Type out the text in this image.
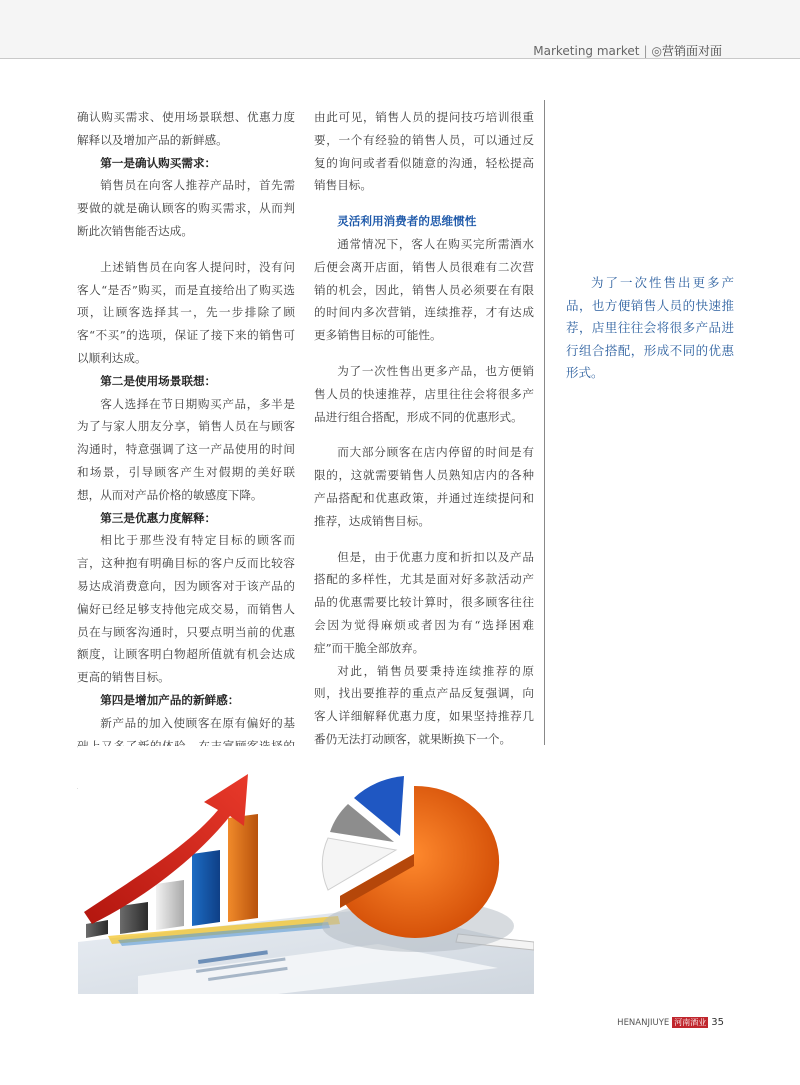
Marketing market | ◎营销面对面

确认购买需求、使用场景联想、优惠力度解释以及增加产品的新鲜感。

第一是确认购买需求：

销售员在向客人推荐产品时，首先需要做的就是确认顾客的购买需求，从而判断此次销售能否达成。

上述销售员在向客人提问时，没有问客人“是否”购买，而是直接给出了购买选项，让顾客选择其一，先一步排除了顾客“不买”的选项，保证了接下来的销售可以顺利达成。

第二是使用场景联想：

客人选择在节日期购买产品，多半是为了与家人朋友分享，销售人员在与顾客沟通时，特意强调了这一产品使用的时间和场景，引导顾客产生对假期的美好联想，从而对产品价格的敏感度下降。

第三是优惠力度解释：

相比于那些没有特定目标的顾客而言，这种抱有明确目标的客户反而比较容易达成消费意向，因为顾客对于该产品的偏好已经足够支持他完成交易，而销售人员在与顾客沟通时，只要点明当前的优惠额度，让顾客明白物超所值就有机会达成更高的销售目标。

第四是增加产品的新鲜感：

新产品的加入使顾客在原有偏好的基

由此可见，销售人员的提问技巧培训很重要，一个有经验的销售人员，可以通过反复的询问或者看似随意的沟通，轻松提高销售目标。

灵活利用消费者的思维惯性

通常情况下，客人在购买完所需酒水后便会离开店面，销售人员很难有二次营销的机会，因此，销售人员必须要在有限的时间内多次营销，连续推荐，才有达成更多销售目标的可能性。

为了一次性售出更多产品，也方便销售人员的快速推荐，店里往往会将很多产品进行组合搭配，形成不同的优惠形式。

而大部分顾客在店内停留的时间是有限的，这就需要销售人员熟知店内的各种产品搭配和优惠政策，并通过连续提问和推荐，达成销售目标。

但是，由于优惠力度和折扣以及产品搭配的多样性，尤其是面对好多款活动产品的优惠需要比较计算时，很多顾客往往会因为觉得麻烦或者因为有“选择困难症”而干脆全部放弃。

对此，销售员要秉持连续推荐的原则，找出要推荐的重点产品反复强调，向客人详细解释优惠力度，如果坚持推荐几番仍无法打动顾客，就果断换下一个。

为了一次性售出更多产品，也方便销售人员的快速推荐，店里往往会将很多产品进行组合搭配，形成不同的优惠形式。
HENANJIUYE 河南酒业 35
